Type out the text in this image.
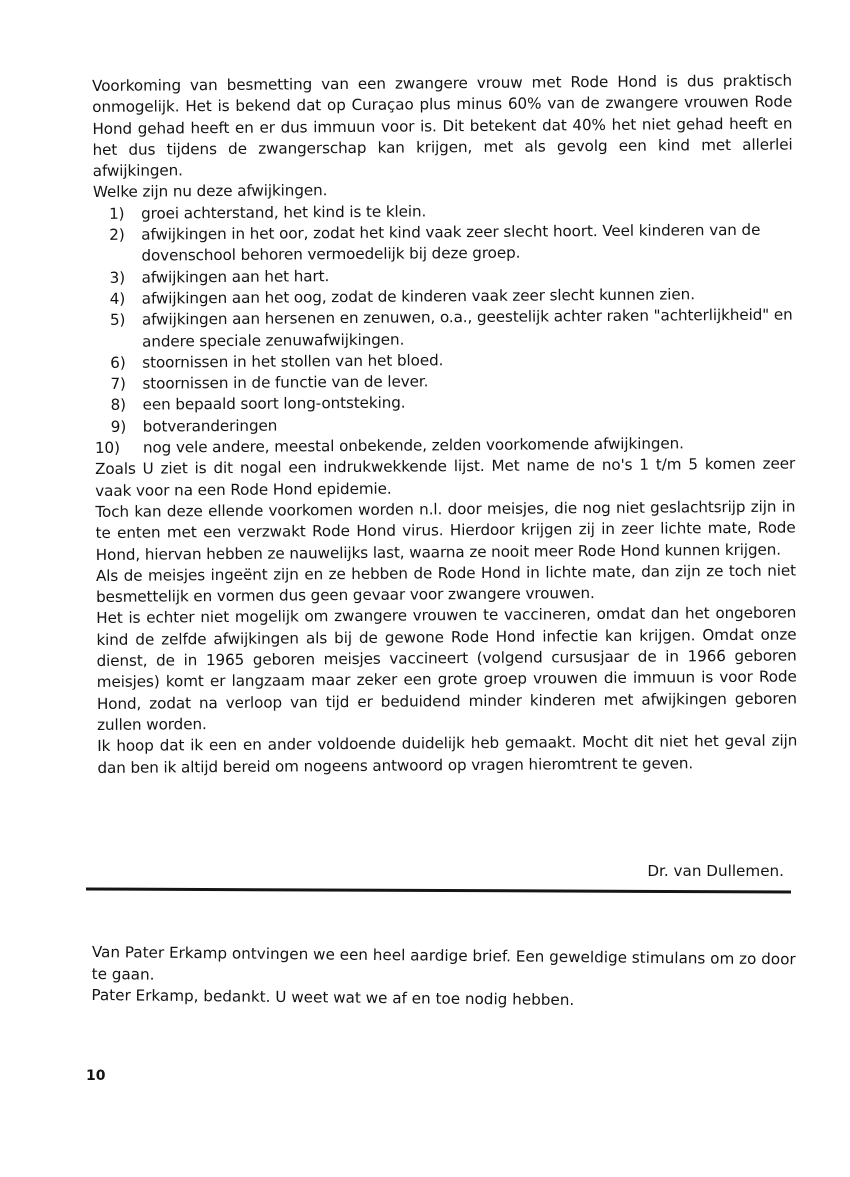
Voorkoming van besmetting van een zwangere vrouw met Rode Hond is dus praktisch onmogelijk. Het is bekend dat op Curaçao plus minus 60% van de zwangere vrouwen Rode Hond gehad heeft en er dus immuun voor is. Dit betekent dat 40% het niet gehad heeft en het dus tijdens de zwangerschap kan krijgen, met als gevolg een kind met allerlei afwijkingen.

Welke zijn nu deze afwijkingen.

1) groei achterstand, het kind is te klein.
2) afwijkingen in het oor, zodat het kind vaak zeer slecht hoort. Veel kinderen van de dovenschool behoren vermoedelijk bij deze groep.
3) afwijkingen aan het hart.
4) afwijkingen aan het oog, zodat de kinderen vaak zeer slecht kunnen zien.
5) afwijkingen aan hersenen en zenuwen, o.a., geestelijk achter raken "achterlijkheid" en andere speciale zenuwafwijkingen.
6) stoornissen in het stollen van het bloed.
7) stoornissen in de functie van de lever.
8) een bepaald soort long-ontsteking.
9) botveranderingen
10) nog vele andere, meestal onbekende, zelden voorkomende afwijkingen.

Zoals U ziet is dit nogal een indrukwekkende lijst. Met name de no's 1 t/m 5 komen zeer vaak voor na een Rode Hond epidemie.

Toch kan deze ellende voorkomen worden n.l. door meisjes, die nog niet geslachtsrijp zijn in te enten met een verzwakt Rode Hond virus. Hierdoor krijgen zij in zeer lichte mate, Rode Hond, hiervan hebben ze nauwelijks last, waarna ze nooit meer Rode Hond kunnen krijgen.

Als de meisjes ingeënt zijn en ze hebben de Rode Hond in lichte mate, dan zijn ze toch niet besmettelijk en vormen dus geen gevaar voor zwangere vrouwen.

Het is echter niet mogelijk om zwangere vrouwen te vaccineren, omdat dan het ongeboren kind de zelfde afwijkingen als bij de gewone Rode Hond infectie kan krijgen. Omdat onze dienst, de in 1965 geboren meisjes vaccineert (volgend cursusjaar de in 1966 geboren meisjes) komt er langzaam maar zeker een grote groep vrouwen die immuun is voor Rode Hond, zodat na verloop van tijd er beduidend minder kinderen met afwijkingen geboren zullen worden.

Ik hoop dat ik een en ander voldoende duidelijk heb gemaakt. Mocht dit niet het geval zijn dan ben ik altijd bereid om nogeens antwoord op vragen hieromtrent te geven.

Dr. van Dullemen.

Van Pater Erkamp ontvingen we een heel aardige brief. Een geweldige stimulans om zo door te gaan.

Pater Erkamp, bedankt. U weet wat we af en toe nodig hebben.

10
